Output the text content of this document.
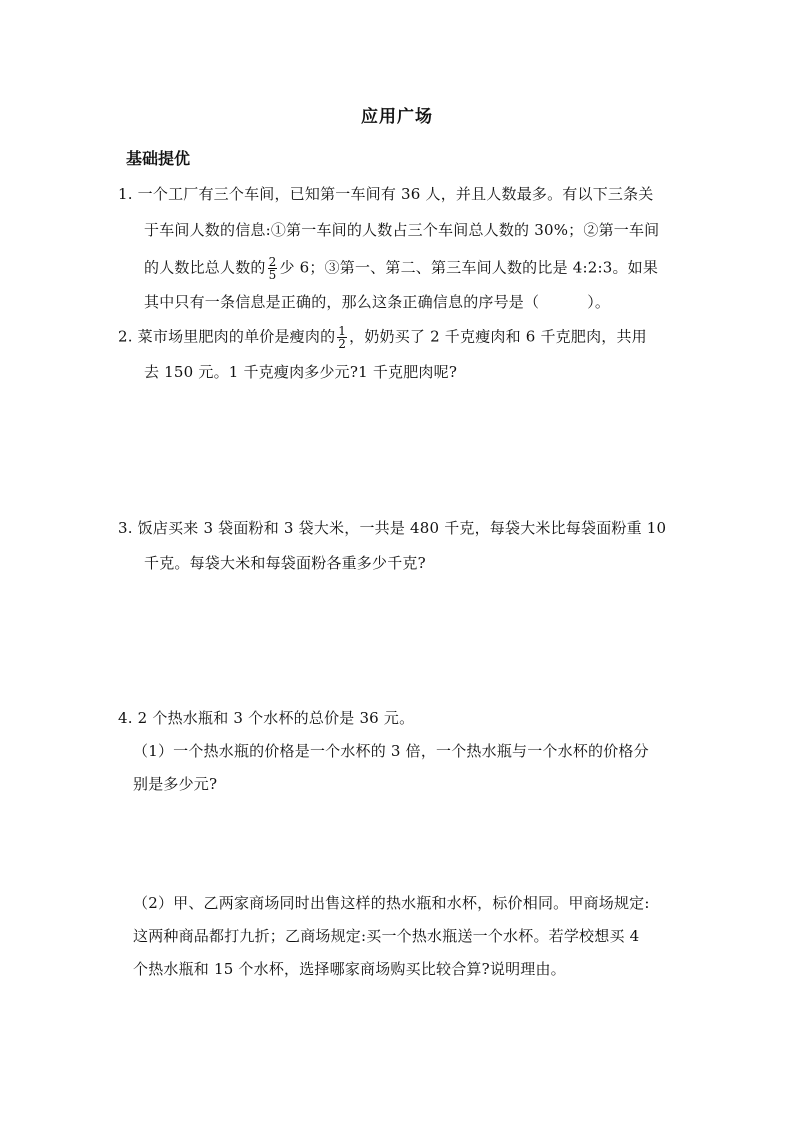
应用广场
基础提优
1. 一个工厂有三个车间，已知第一车间有 36 人，并且人数最多。有以下三条关
于车间人数的信息:①第一车间的人数占三个车间总人数的 30%；②第一车间
的人数比总人数的 $\frac{2}{5}$ 少 6；③第一、第二、第三车间人数的比是 4:2:3。如果
其中只有一条信息是正确的，那么这条正确信息的序号是（	）。
2. 菜市场里肥肉的单价是瘦肉的 $\frac{1}{2}$ ，奶奶买了 2 千克瘦肉和 6 千克肥肉，共用
去 150 元。1 千克瘦肉多少元?1 千克肥肉呢?
3. 饭店买来 3 袋面粉和 3 袋大米，一共是 480 千克，每袋大米比每袋面粉重 10
千克。每袋大米和每袋面粉各重多少千克?
4. 2 个热水瓶和 3 个水杯的总价是 36 元。
（1）一个热水瓶的价格是一个水杯的 3 倍，一个热水瓶与一个水杯的价格分
别是多少元?
（2）甲、乙两家商场同时出售这样的热水瓶和水杯，标价相同。甲商场规定:
这两种商品都打九折；乙商场规定:买一个热水瓶送一个水杯。若学校想买 4
个热水瓶和 15 个水杯，选择哪家商场购买比较合算?说明理由。
